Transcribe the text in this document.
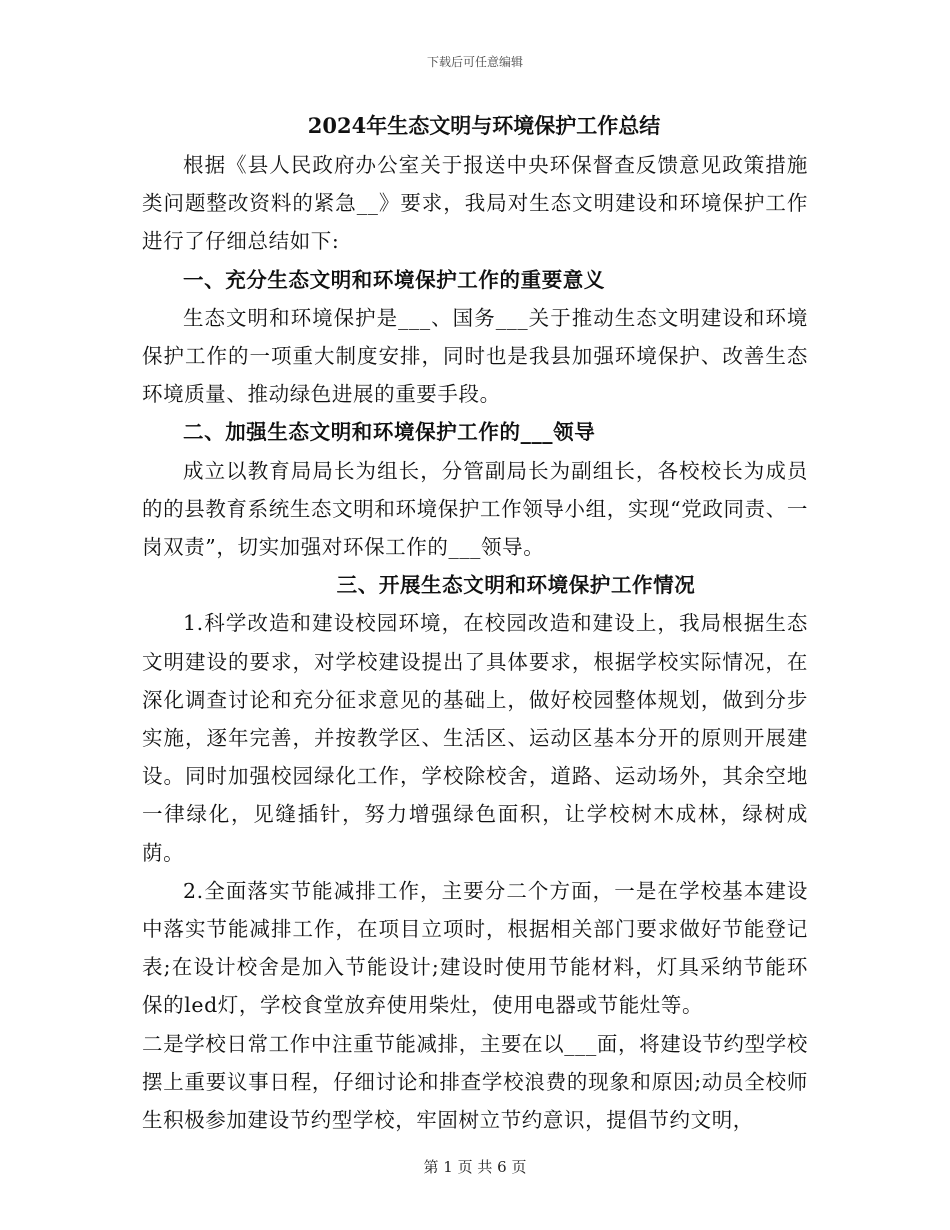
下载后可任意编辑
2024年生态文明与环境保护工作总结

根据《县人民政府办公室关于报送中央环保督查反馈意见政策措施类问题整改资料的紧急__》要求，我局对生态文明建设和环境保护工作进行了仔细总结如下:

一、充分生态文明和环境保护工作的重要意义

生态文明和环境保护是___、国务___关于推动生态文明建设和环境保护工作的一项重大制度安排，同时也是我县加强环境保护、改善生态环境质量、推动绿色进展的重要手段。

二、加强生态文明和环境保护工作的___领导

成立以教育局局长为组长，分管副局长为副组长，各校校长为成员的的县教育系统生态文明和环境保护工作领导小组，实现“党政同责、一岗双责”，切实加强对环保工作的___领导。

三、开展生态文明和环境保护工作情况

1.科学改造和建设校园环境，在校园改造和建设上，我局根据生态文明建设的要求，对学校建设提出了具体要求，根据学校实际情况，在深化调查讨论和充分征求意见的基础上，做好校园整体规划，做到分步实施，逐年完善，并按教学区、生活区、运动区基本分开的原则开展建设。同时加强校园绿化工作，学校除校舍，道路、运动场外，其余空地一律绿化，见缝插针，努力增强绿色面积，让学校树木成林，绿树成荫。

2.全面落实节能减排工作，主要分二个方面，一是在学校基本建设中落实节能减排工作，在项目立项时，根据相关部门要求做好节能登记表;在设计校舍是加入节能设计;建设时使用节能材料，灯具采纳节能环保的led灯，学校食堂放弃使用柴灶，使用电器或节能灶等。

二是学校日常工作中注重节能减排，主要在以___面，将建设节约型学校摆上重要议事日程，仔细讨论和排查学校浪费的现象和原因;动员全校师生积极参加建设节约型学校，牢固树立节约意识，提倡节约文明，

第 1 页 共 6 页
